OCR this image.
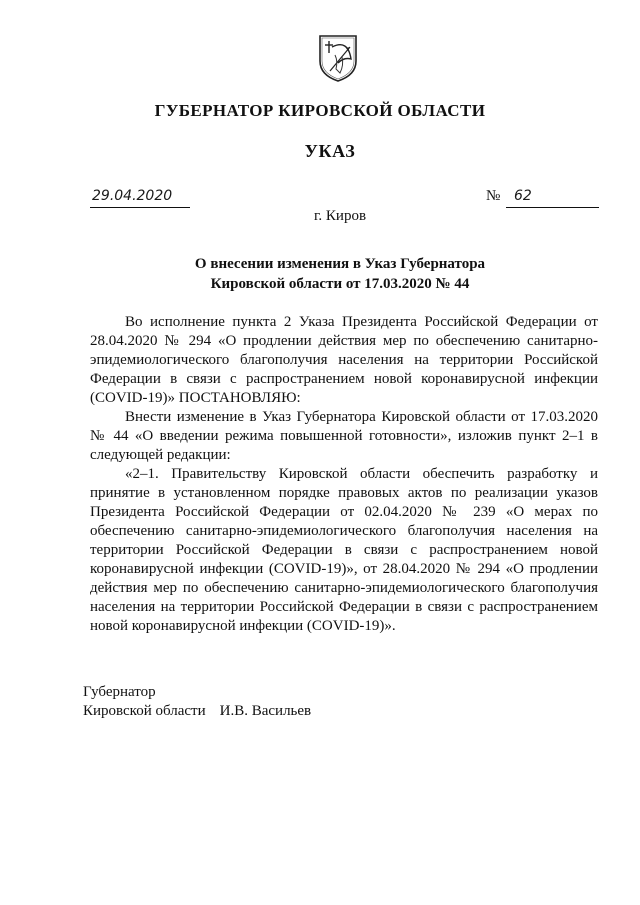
ГУБЕРНАТОР КИРОВСКОЙ ОБЛАСТИ
УКАЗ
29.04.2020	№ 62
г. Киров
О внесении изменения в Указ Губернатора
Кировской области от 17.03.2020 № 44

Во исполнение пункта 2 Указа Президента Российской Федерации от 28.04.2020 № 294 «О продлении действия мер по обеспечению санитарно-эпидемиологического благополучия населения на территории Российской Федерации в связи с распространением новой коронавирусной инфекции (COVID-19)» ПОСТАНОВЛЯЮ:

Внести изменение в Указ Губернатора Кировской области от 17.03.2020 № 44 «О введении режима повышенной готовности», изложив пункт 2–1 в следующей редакции:

«2–1. Правительству Кировской области обеспечить разработку и принятие в установленном порядке правовых актов по реализации указов Президента Российской Федерации от 02.04.2020 № 239 «О мерах по обеспечению санитарно-эпидемиологического благополучия населения на территории Российской Федерации в связи с распространением новой коронавирусной инфекции (COVID-19)», от 28.04.2020 № 294 «О продлении действия мер по обеспечению санитарно-эпидемиологического благополучия населения на территории Российской Федерации в связи с распространением новой коронавирусной инфекции (COVID-19)».

Губернатор
Кировской области И.В. Васильев
